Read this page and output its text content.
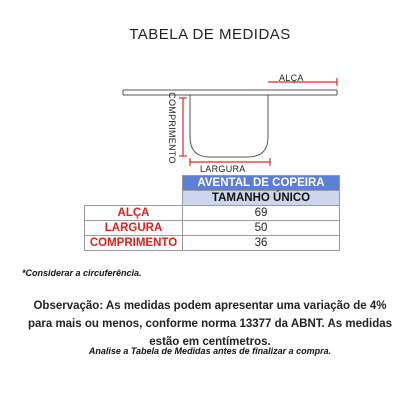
TABELA DE MEDIDAS
ALÇA
LARGURA
COMPRIMENTO
	AVENTAL DE COPEIRA
	TAMANHO ÚNICO
ALÇA	69
LARGURA	50
COMPRIMENTO	36
*Considerar a circuferência.
Observação: As medidas podem apresentar uma variação de 4% para mais ou menos, conforme norma 13377 da ABNT. As medidas estão em centímetros.
Analise a Tabela de Medidas antes de finalizar a compra.
